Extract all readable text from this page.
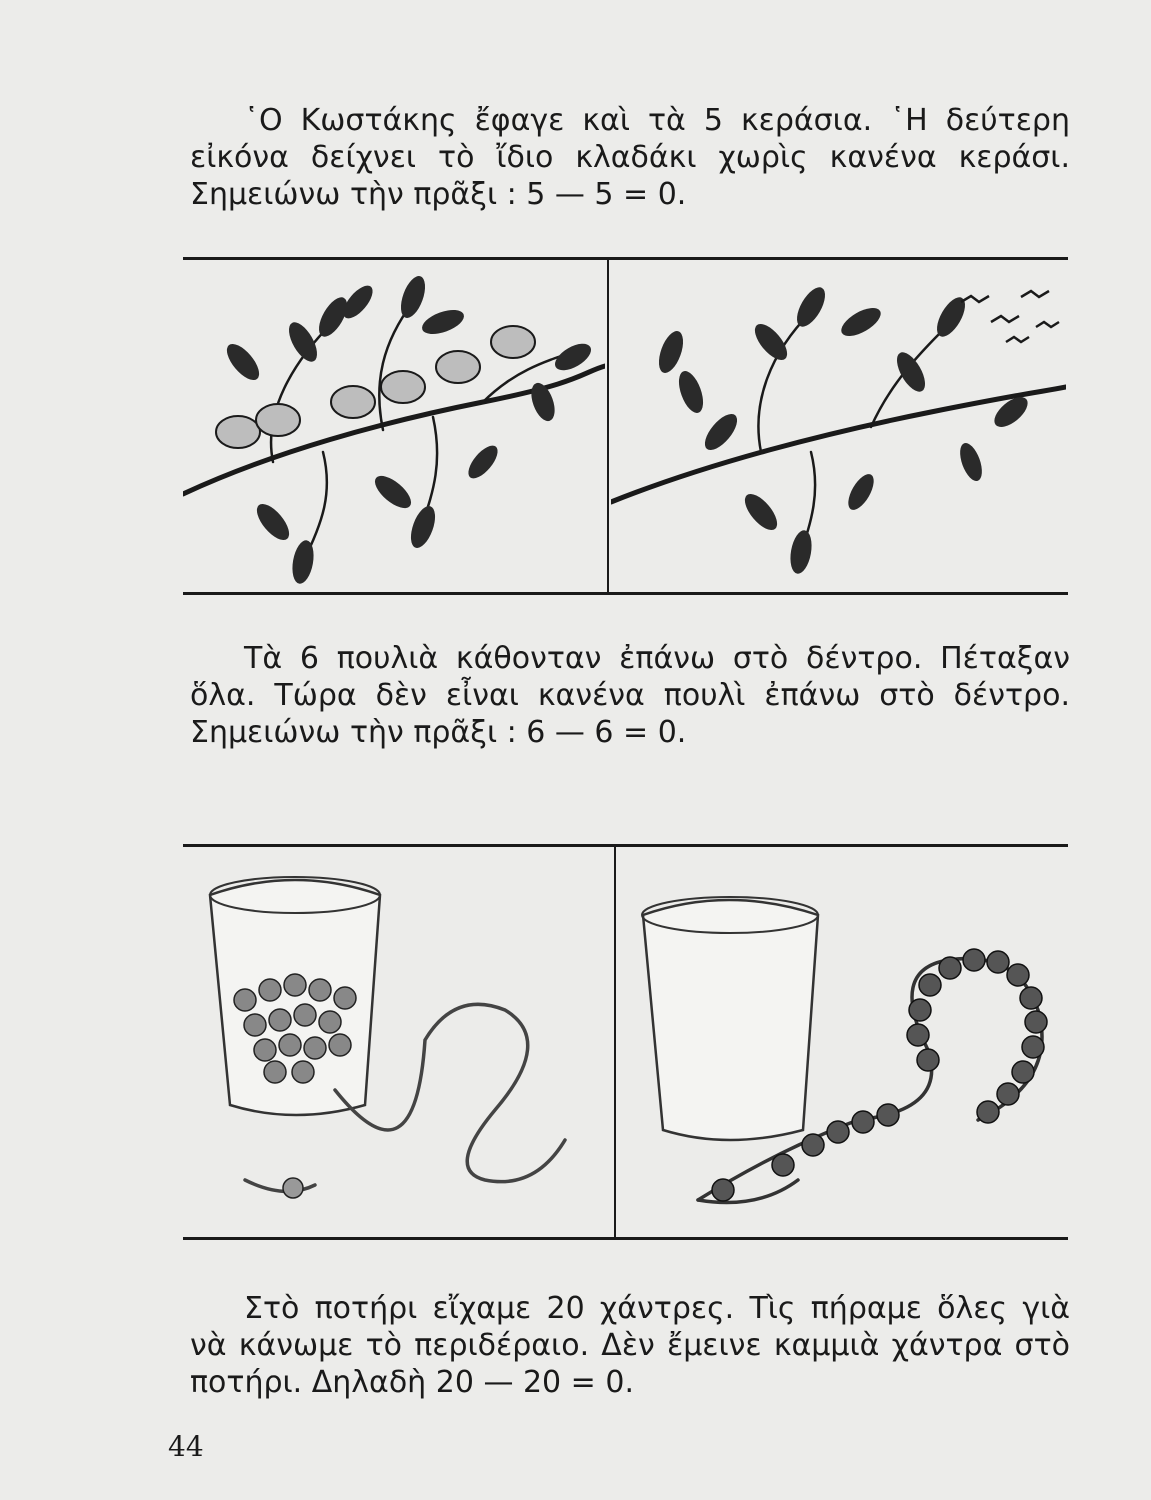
῾Ο Κωστάκης ἔφαγε καὶ τὰ 5 κεράσια. ῾Η δεύτερη εἰκόνα δείχνει τὸ ἴδιο κλαδάκι χωρὶς κανένα κεράσι. Σημειώνω τὴν πρᾶξι : 5 — 5 = 0.

Τὰ 6 πουλιὰ κάθονταν ἐπάνω στὸ δέντρο. Πέταξαν ὅλα. Τώρα δὲν εἶναι κανένα πουλὶ ἐπάνω στὸ δέντρο. Σημειώνω τὴν πρᾶξι : 6 — 6 = 0.

Στὸ ποτήρι εἴχαμε 20 χάντρες. Τὶς πήραμε ὅλες γιὰ νὰ κάνωμε τὸ περιδέραιο. Δὲν ἔμεινε καμμιὰ χάντρα στὸ ποτήρι. Δηλαδὴ 20 — 20 = 0.

44
